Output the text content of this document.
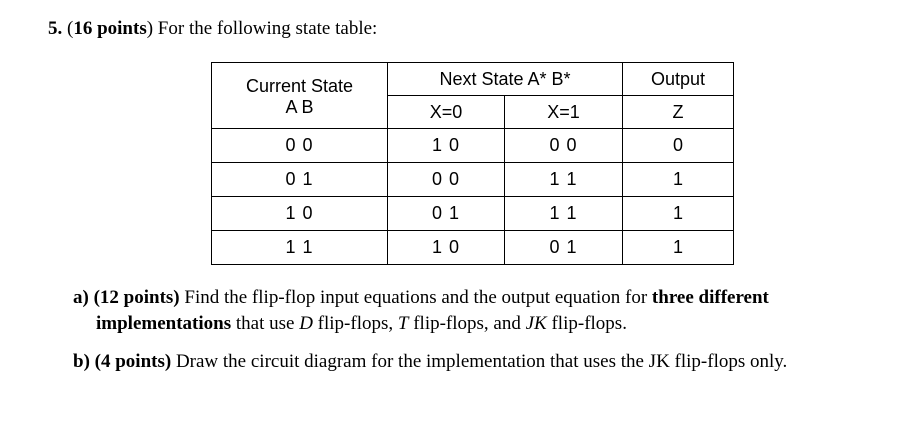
5. (16 points) For the following state table:
Current State
A B	Next State A* B*		Output
	X=0	X=1	Z
0 0	1 0	0 0	0
0 1	0 0	1 1	1
1 0	0 1	1 1	1
1 1	1 0	0 1	1
a) (12 points) Find the flip-flop input equations and the output equation for three different
implementations that use D flip-flops, T flip-flops, and JK flip-flops.
b) (4 points) Draw the circuit diagram for the implementation that uses the JK flip-flops only.
